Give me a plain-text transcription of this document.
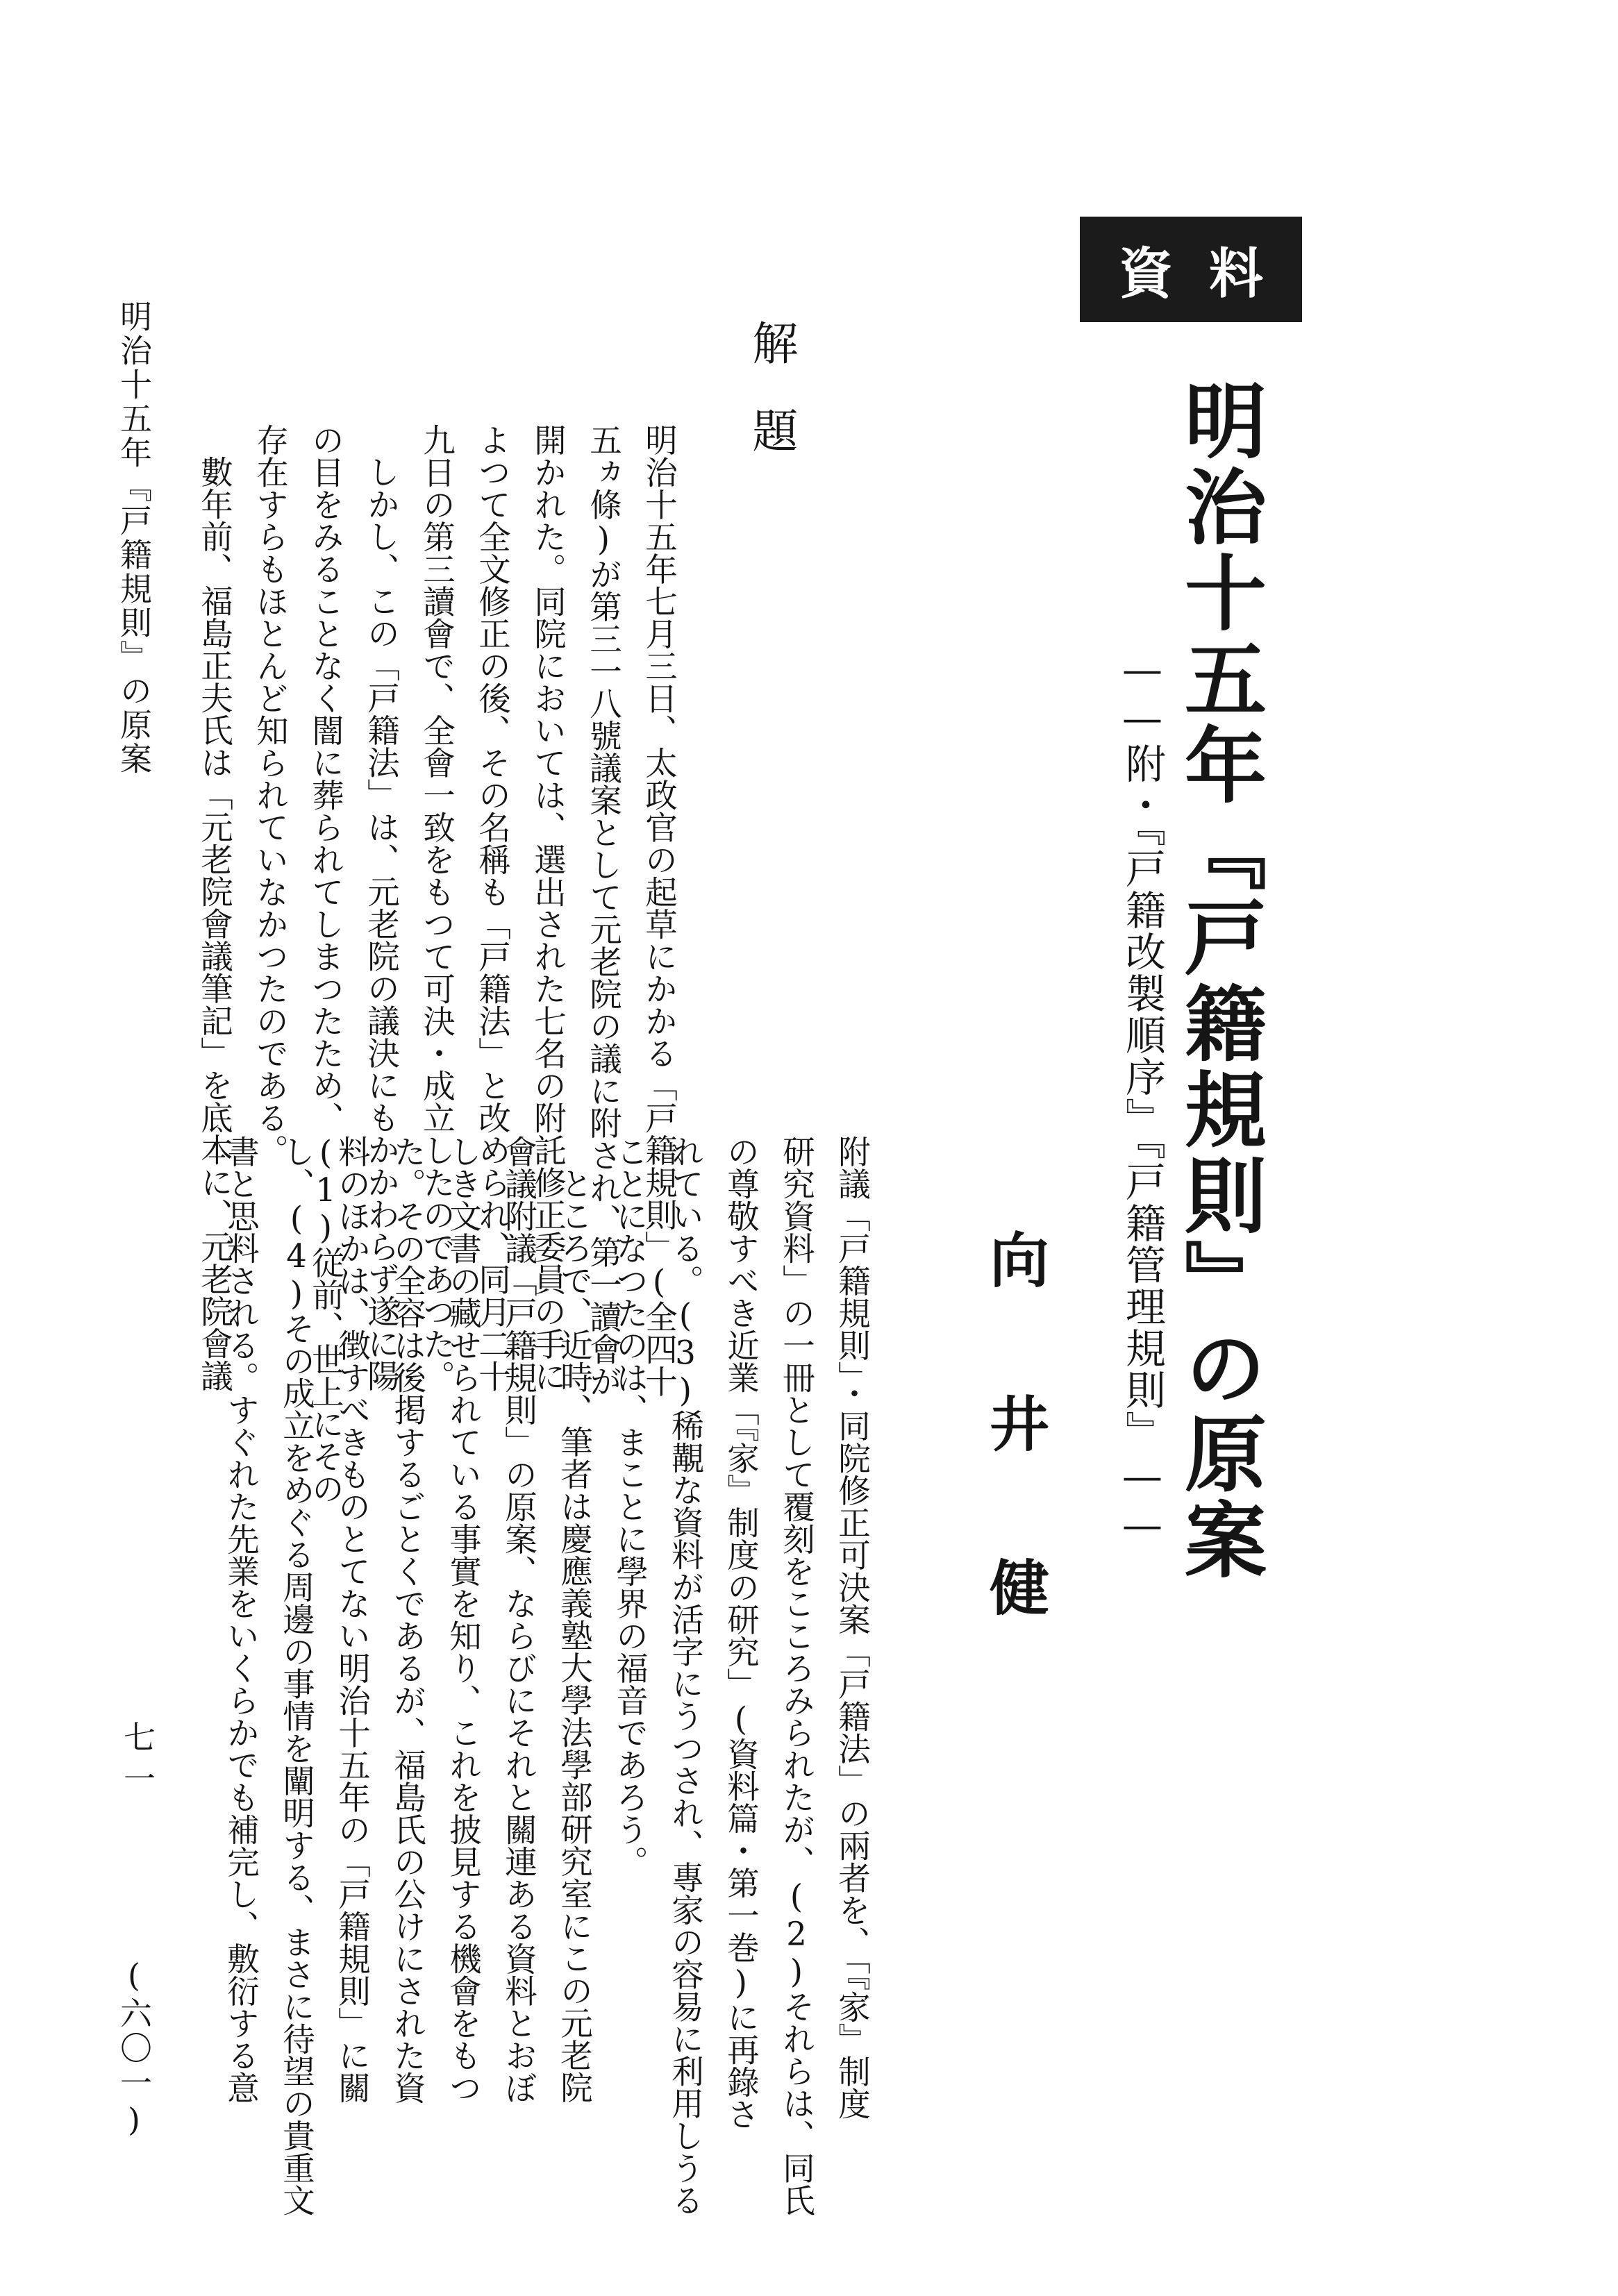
資料
明治十五年『戸籍規則』の原案
——附・『戸籍改製順序』『戸籍管理規則』——
向井健
解題
明治十五年七月三日、太政官の起草にかかる「戸籍規則」(全四十
五ヵ條)が第三一八號議案として元老院の議に附され、第一讀會が
開かれた。同院においては、選出された七名の附託修正委員の手に
よつて全文修正の後、その名稱も「戸籍法」と改められ、同月二十
九日の第三讀會で、全會一致をもつて可決・成立したのであつた。
しかし、この「戸籍法」は、元老院の議決にもかかわらず遂に陽
の目をみることなく闇に葬られてしまつたため、(1)従前、世上にその
存在すらもほとんど知られていなかつたのである。
數年前、福島正夫氏は「元老院會議筆記」を底本に、元老院會議
附議「戸籍規則」・同院修正可決案「戸籍法」の兩者を、「『家』制度
研究資料」の一冊として覆刻をこころみられたが、(2)それらは、同氏
の尊敬すべき近業「『家』制度の研究」(資料篇・第一巻)に再錄さ
れている。(3)稀覯な資料が活字にうつされ、專家の容易に利用しうる
ことになつたのは、まことに學界の福音であろう。
ところで、近時、筆者は慶應義塾大學法學部研究室にこの元老院
會議附議「戸籍規則」の原案、ならびにそれと關連ある資料とおぼ
しき文書の藏せられている事實を知り、これを披見する機會をもつ
た。その全容は後掲するごとくであるが、福島氏の公けにされた資
料のほかは、徴すべきものとてない明治十五年の「戸籍規則」に關
し、(4)その成立をめぐる周邊の事情を闡明する、まさに待望の貴重文
書と思料される。すぐれた先業をいくらかでも補完し、敷衍する意
明治十五年『戸籍規則』の原案
七一
(六〇一)
